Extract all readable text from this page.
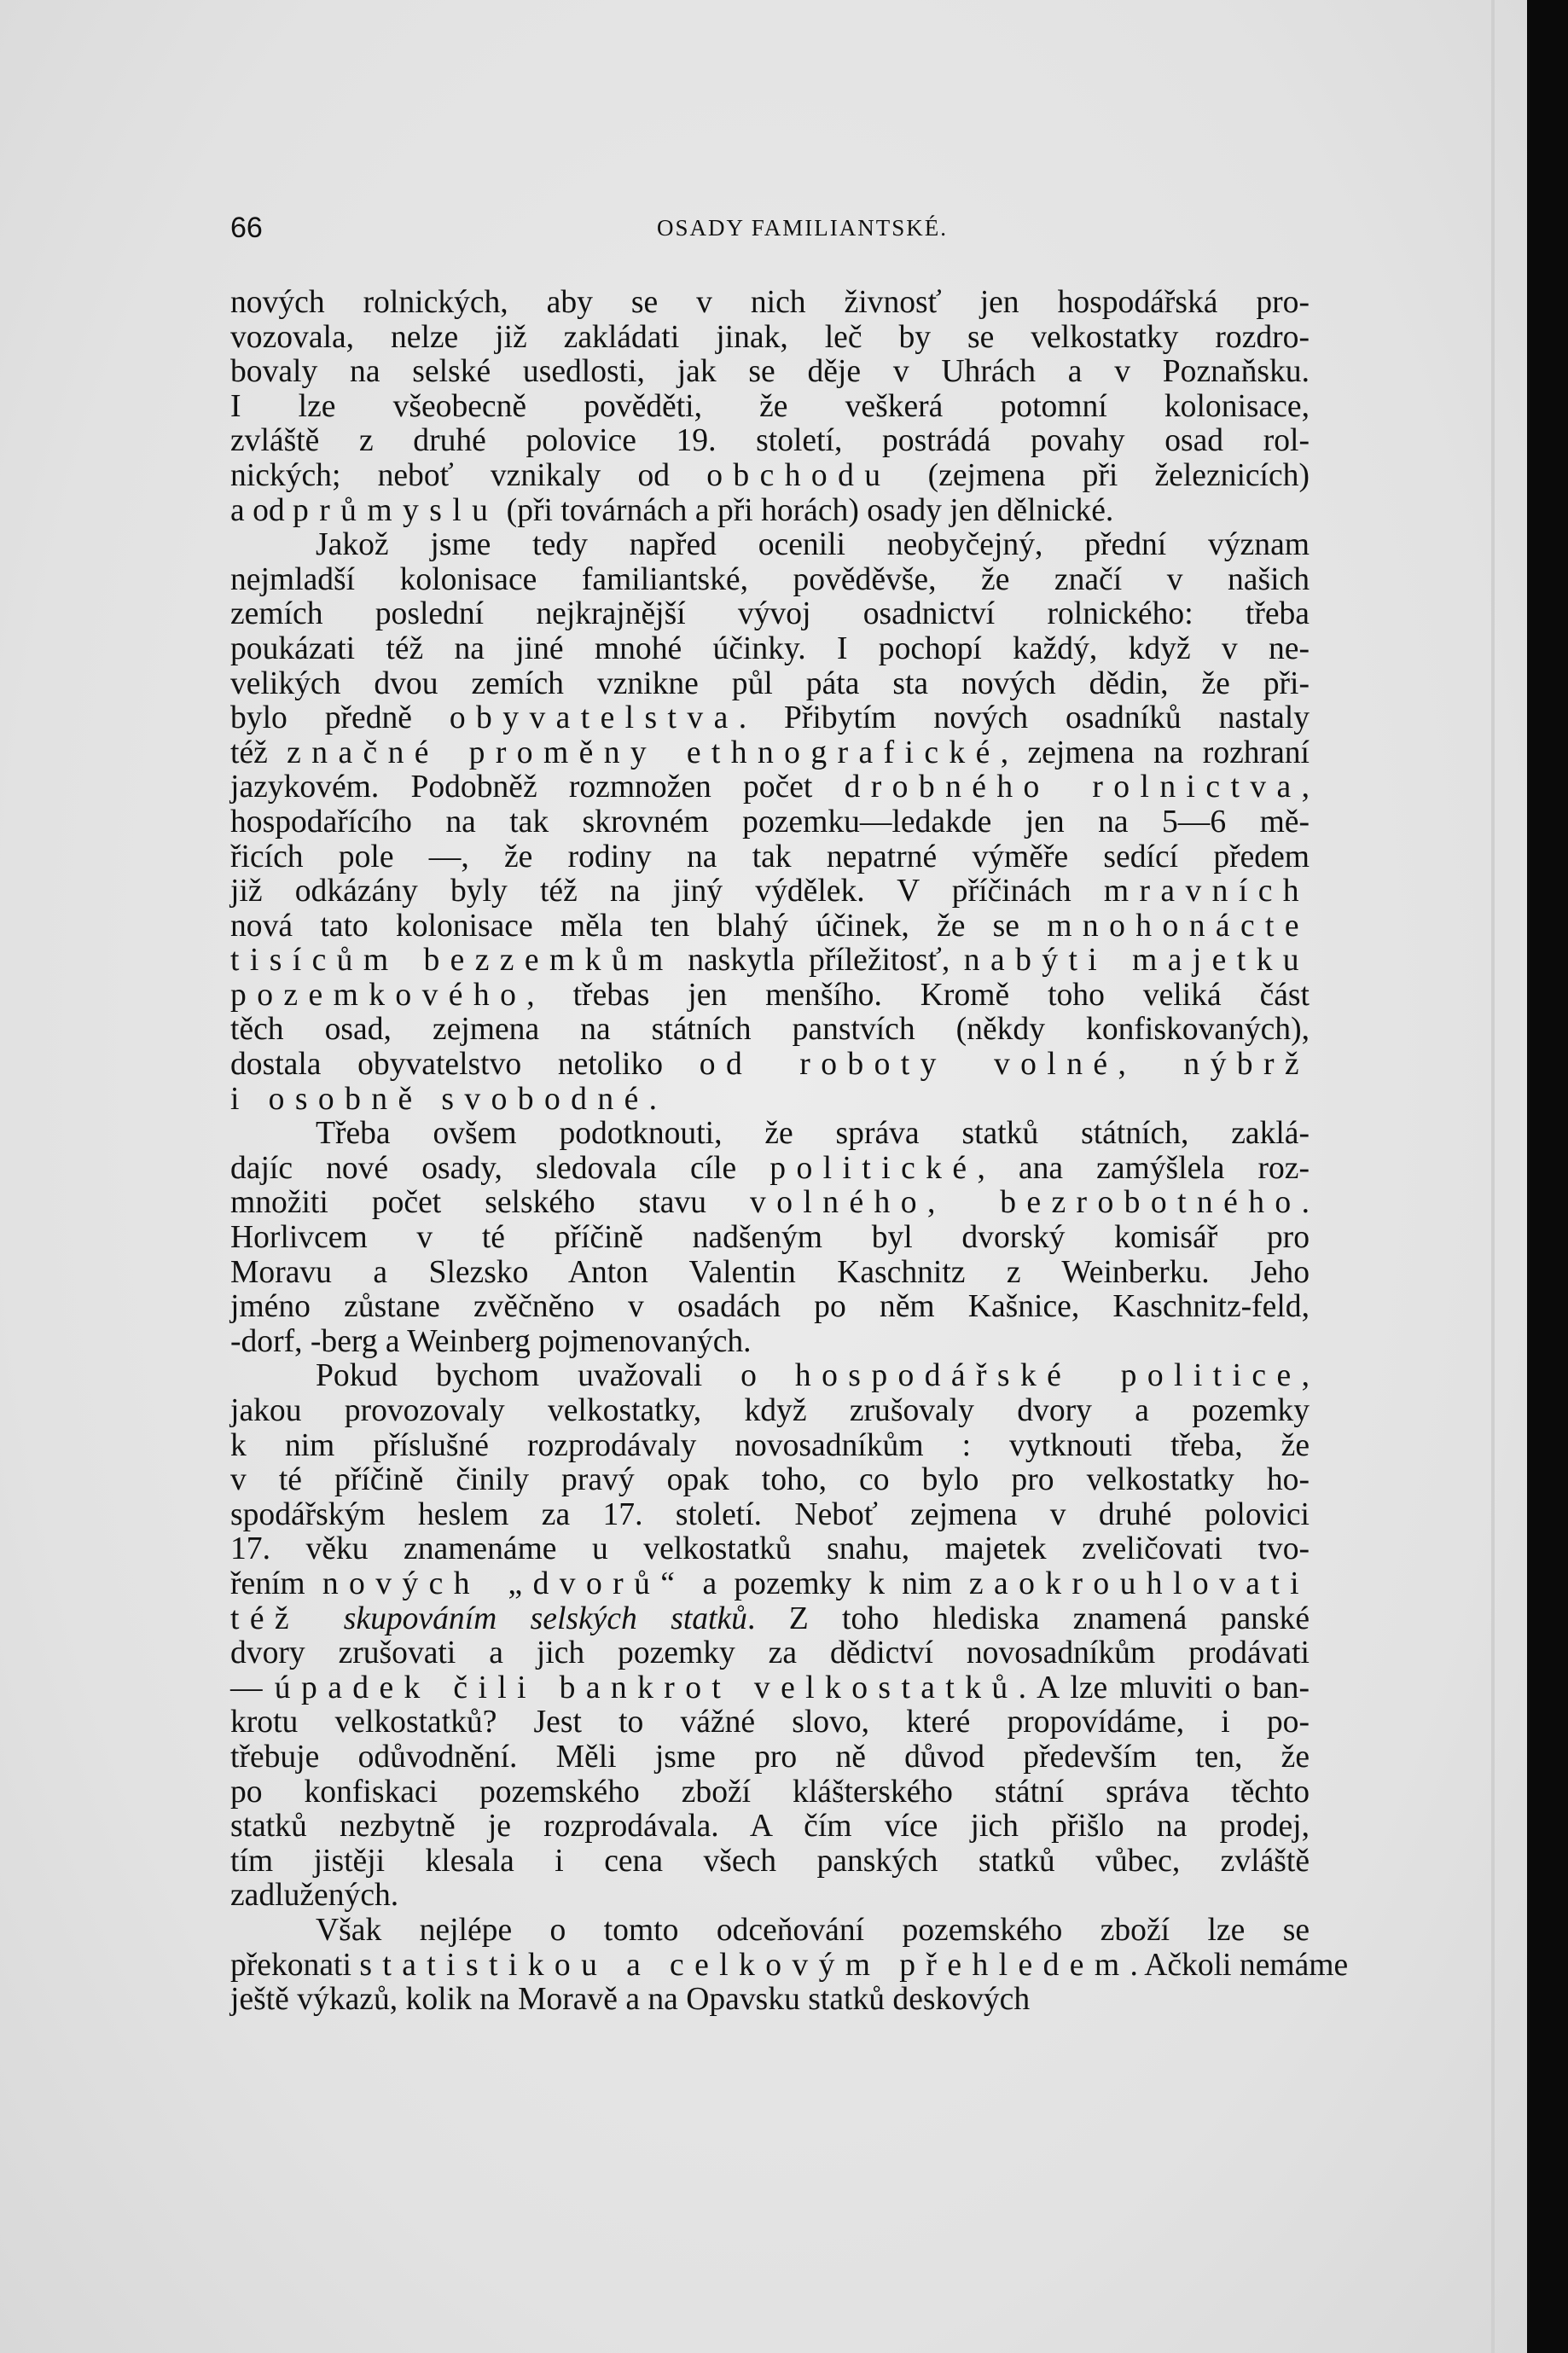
66	OSADY FAMILIANTSKÉ.
nových rolnických, aby se v nich živnosť jen hospodářská pro-
vozovala, nelze již zakládati jinak, leč by se velkostatky rozdro-
bovaly na selské usedlosti, jak se děje v Uhrách a v Poznaňsku.
I lze všeobecně pověděti, že veškerá potomní kolonisace,
zvláště z druhé polovice 19. století, postrádá povahy osad rol-
nických; neboť vznikaly od obchodu (zejmena při železnicích)
a od průmyslu (při továrnách a při horách) osady jen dělnické.
Jakož jsme tedy napřed ocenili neobyčejný, přední význam
nejmladší kolonisace familiantské, pověděvše, že značí v našich
zemích poslední nejkrajnější vývoj osadnictví rolnického: třeba
poukázati též na jiné mnohé účinky. I pochopí každý, když v ne-
velikých dvou zemích vznikne půl páta sta nových dědin, že při-
bylo předně obyvatelstva. Přibytím nových osadníků nastaly
též značné proměny ethnografické, zejmena na rozhraní
jazykovém. Podobněž rozmnožen počet drobného rolnictva,
hospodařícího na tak skrovném pozemku—ledakde jen na 5—6 mě-
řicích pole —, že rodiny na tak nepatrné výměře sedící předem
již odkázány byly též na jiný výdělek. V příčinách mravních
nová tato kolonisace měla ten blahý účinek, že se mnohonácte
tisícům bezzemkům naskytla příležitosť, nabýti majetku
pozemkového, třebas jen menšího. Kromě toho veliká část
těch osad, zejmena na státních panstvích (někdy konfiskovaných),
dostala obyvatelstvo netoliko od roboty volné, nýbrž
i osobně svobodné.
Třeba ovšem podotknouti, že správa statků státních, zaklá-
dajíc nové osady, sledovala cíle politické, ana zamýšlela roz-
množiti počet selského stavu volného, bezrobotného.
Horlivcem v té příčině nadšeným byl dvorský komisář pro
Moravu a Slezsko Anton Valentin Kaschnitz z Weinberku. Jeho
jméno zůstane zvěčněno v osadách po něm Kašnice, Kaschnitz-feld,
-dorf, -berg a Weinberg pojmenovaných.
Pokud bychom uvažovali o hospodářské politice,
jakou provozovaly velkostatky, když zrušovaly dvory a pozemky
k nim příslušné rozprodávaly novosadníkům : vytknouti třeba, že
v té příčině činily pravý opak toho, co bylo pro velkostatky ho-
spodářským heslem za 17. století. Neboť zejmena v druhé polovici
17. věku znamenáme u velkostatků snahu, majetek zveličovati tvo-
řením nových „dvorů“ a pozemky k nim zaokrouhlovati
též skupováním selských statků. Z toho hlediska znamená panské
dvory zrušovati a jich pozemky za dědictví novosadníkům prodávati
— úpadek čili bankrot velkostatků. A lze mluviti o ban-
krotu velkostatků? Jest to vážné slovo, které propovídáme, i po-
třebuje odůvodnění. Měli jsme pro ně důvod především ten, že
po konfiskaci pozemského zboží klášterského státní správa těchto
statků nezbytně je rozprodávala. A čím více jich přišlo na prodej,
tím jistěji klesala i cena všech panských statků vůbec, zvláště
zadlužených.
Však nejlépe o tomto odceňování pozemského zboží lze se
překonati statistikou a celkovým přehledem. Ačkoli nemáme
ještě výkazů, kolik na Moravě a na Opavsku statků deskových
